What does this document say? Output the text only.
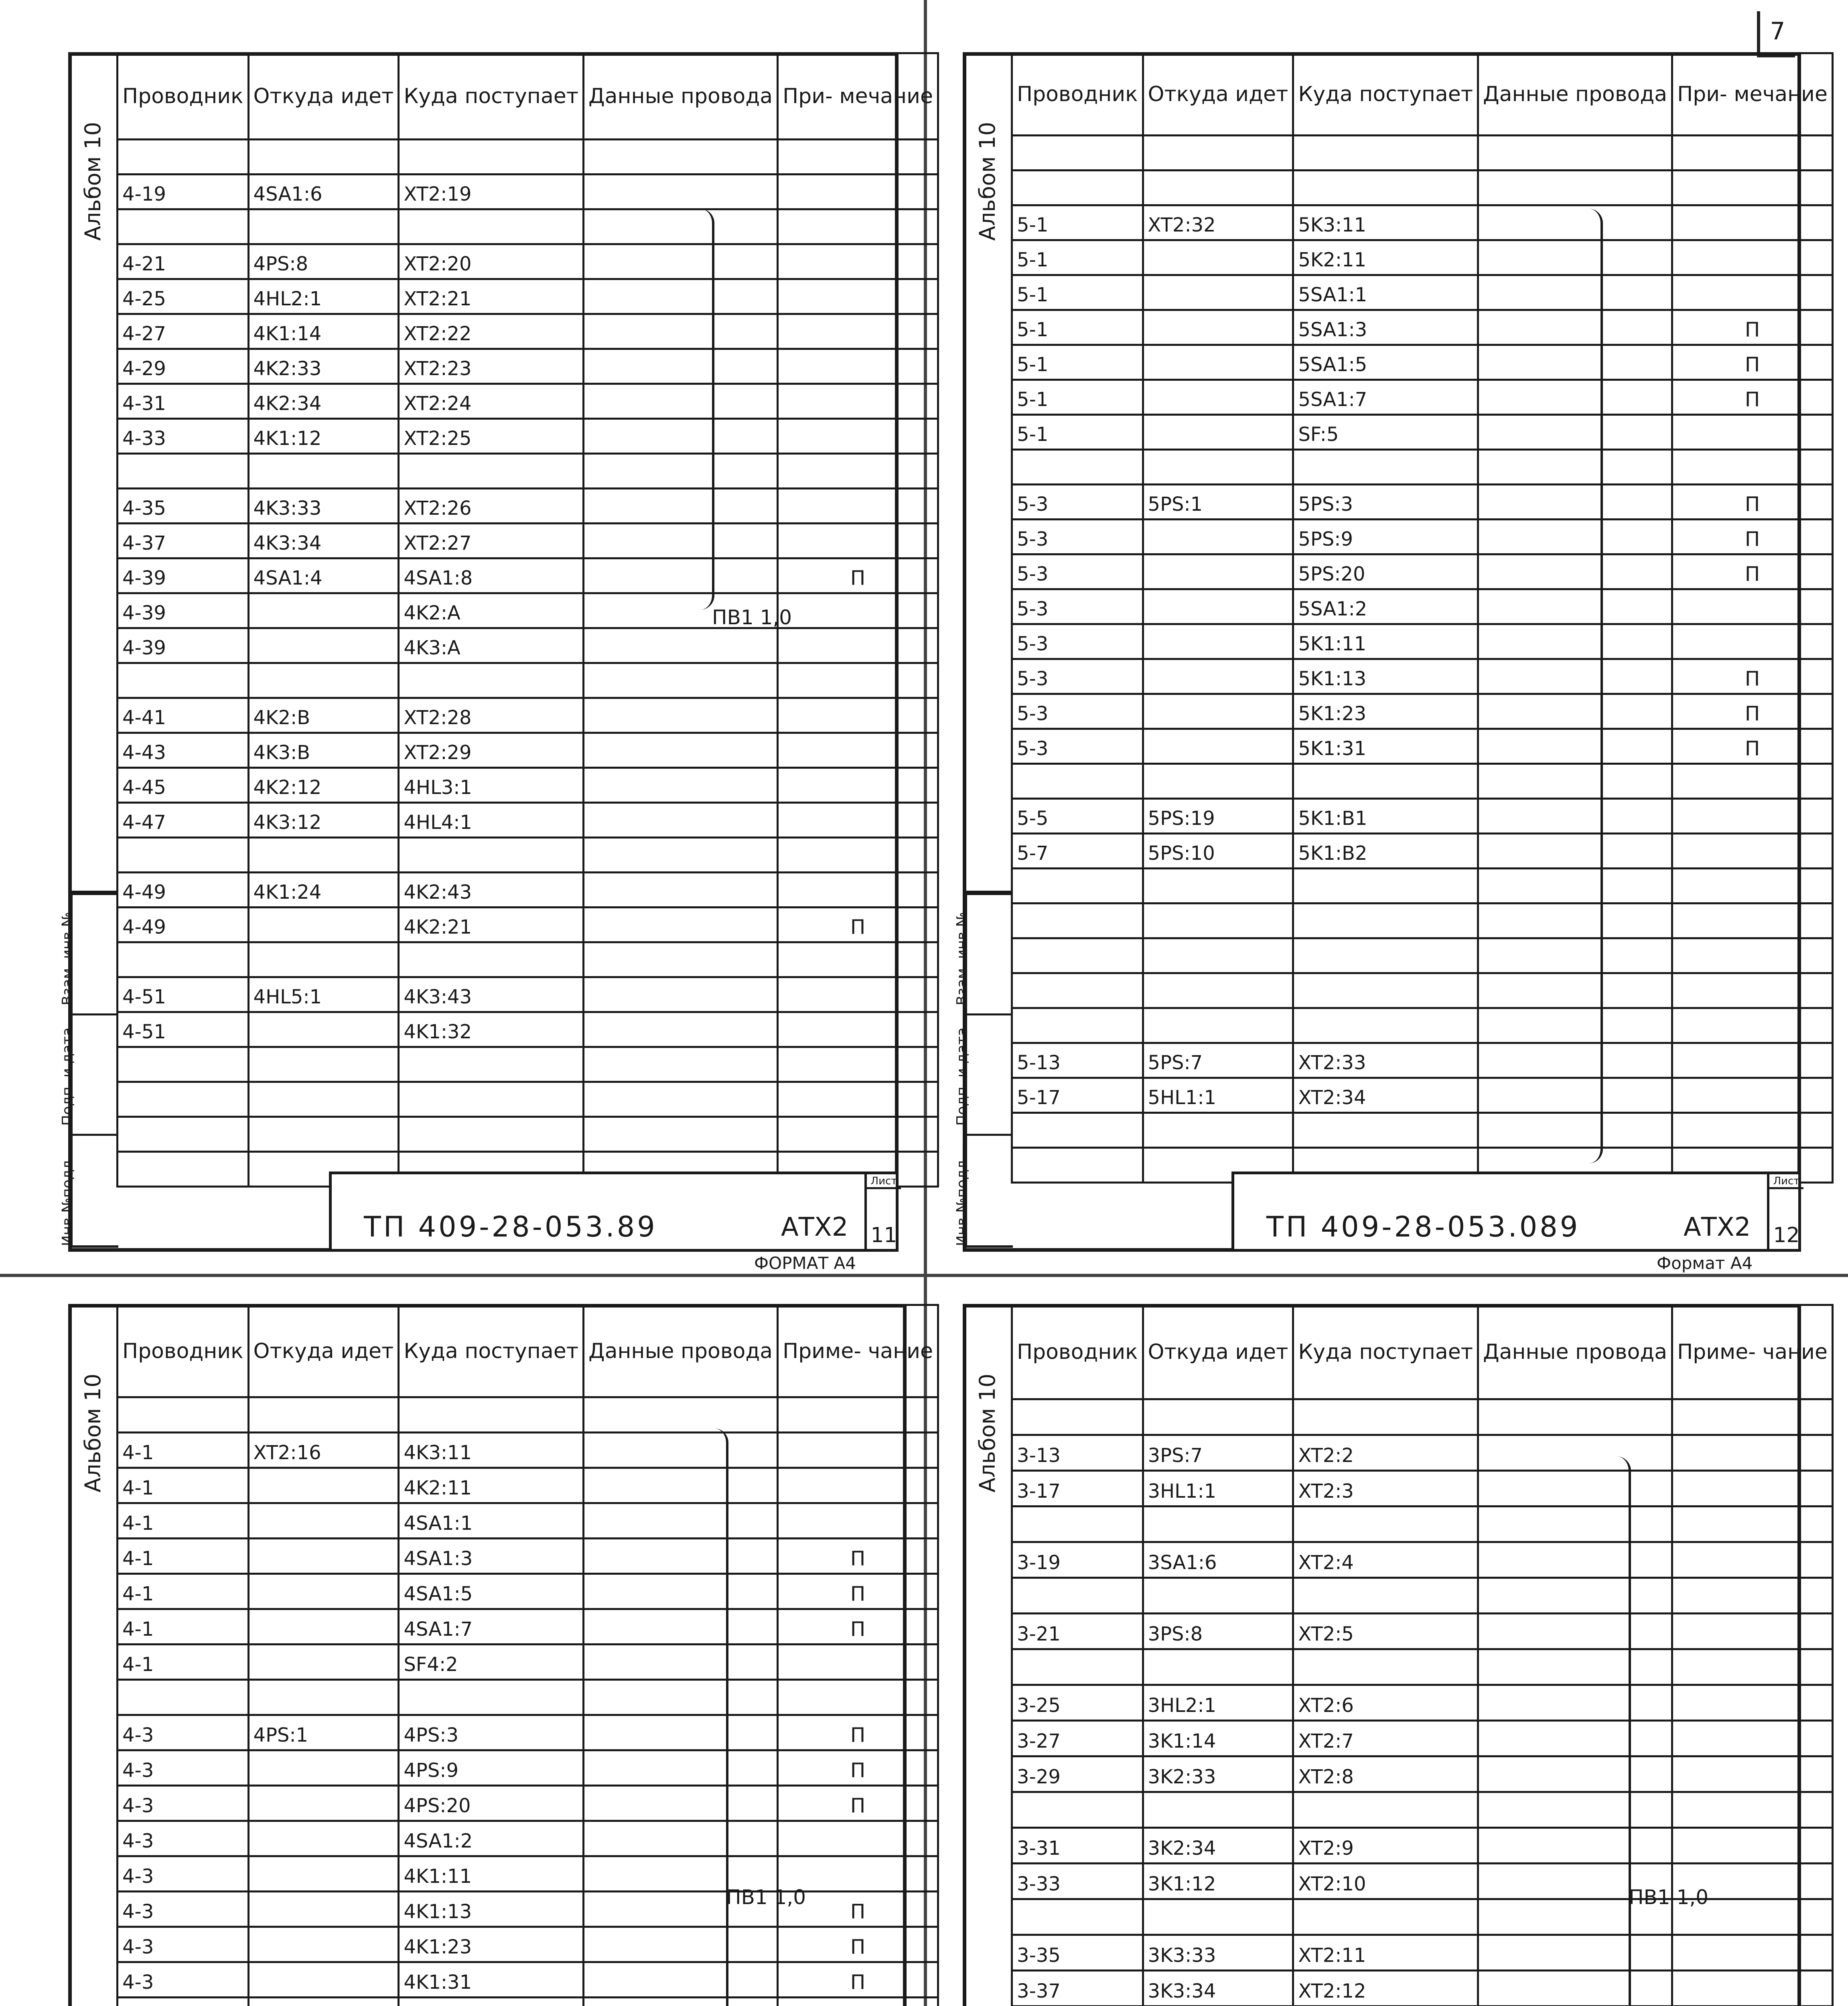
7
Альбом 10
Взам. инв.№
Подп. и дата
Инв.№подл.
Проводник	Откуда идет	Куда поступает	Данные провода	При- мечание

4-19	4SA1:6	XT2:19		

4-21	4PS:8	XT2:20		
4-25	4HL2:1	XT2:21		
4-27	4K1:14	XT2:22		
4-29	4K2:33	XT2:23		
4-31	4K2:34	XT2:24		
4-33	4K1:12	XT2:25		

4-35	4K3:33	XT2:26		
4-37	4K3:34	XT2:27		
4-39	4SA1:4	4SA1:8		П
4-39		4K2:A		
4-39		4K3:A		

4-41	4K2:B	XT2:28		
4-43	4K3:B	XT2:29		
4-45	4K2:12	4HL3:1		
4-47	4K3:12	4HL4:1		

4-49	4K1:24	4K2:43		
4-49		4K2:21		П

4-51	4HL5:1	4K3:43		
4-51		4K1:32		

ПВ1 1,0
ТП 409-28-053.89	АТХ2
Лист
11
ФОРМАТ А4
Альбом 10
Взам. инв.№
Подп. и дата
Инв.№подл.
Проводник	Откуда идет	Куда поступает	Данные провода	При- мечание

5-1	XT2:32	5K3:11		
5-1		5K2:11		
5-1		5SA1:1		
5-1		5SA1:3		П
5-1		5SA1:5		П
5-1		5SA1:7		П
5-1		SF:5		

5-3	5PS:1	5PS:3		П
5-3		5PS:9		П
5-3		5PS:20		П
5-3		5SA1:2		
5-3		5K1:11		
5-3		5K1:13		П
5-3		5K1:23		П
5-3		5K1:31		П

5-5	5PS:19	5K1:B1		
5-7	5PS:10	5K1:B2		

5-13	5PS:7	XT2:33		
5-17	5HL1:1	XT2:34		

ТП 409-28-053.089	АТХ2
Лист
12
Формат А4
Альбом 10
Проводник	Откуда идет	Куда поступает	Данные провода	Приме- чание

4-1	XT2:16	4K3:11		
4-1		4K2:11		
4-1		4SA1:1		
4-1		4SA1:3		П
4-1		4SA1:5		П
4-1		4SA1:7		П
4-1		SF4:2		

4-3	4PS:1	4PS:3		П
4-3		4PS:9		П
4-3		4PS:20		П
4-3		4SA1:2		
4-3		4K1:11		
4-3		4K1:13		П
4-3		4K1:23		П
4-3		4K1:31		П

ПВ1 1,0
Альбом 10
Проводник	Откуда идет	Куда поступает	Данные провода	Приме- чание

3-13	3PS:7	XT2:2		
3-17	3HL1:1	XT2:3		

3-19	3SA1:6	XT2:4		

3-21	3PS:8	XT2:5		

3-25	3HL2:1	XT2:6		
3-27	3K1:14	XT2:7		
3-29	3K2:33	XT2:8		

3-31	3K2:34	XT2:9		
3-33	3K1:12	XT2:10		

3-35	3K3:33	XT2:11		
3-37	3K3:34	XT2:12		

ПВ1 1,0
